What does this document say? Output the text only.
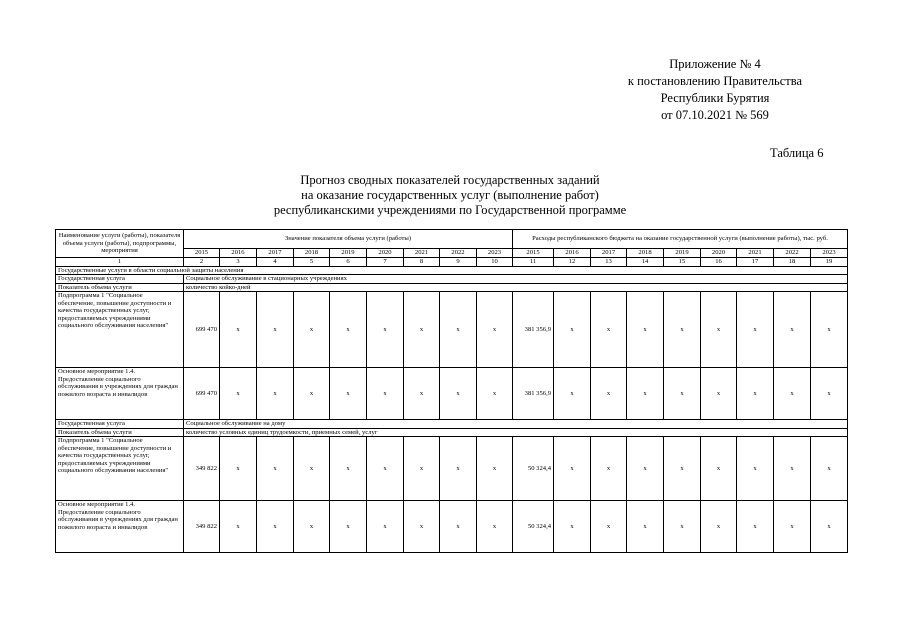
Приложение № 4
к постановлению Правительства
Республики Бурятия
от 07.10.2021 № 569
Таблица 6
Прогноз сводных показателей государственных заданий
на оказание государственных услуг (выполнение работ)
республиканскими учреждениями по Государственной программе
Наименование услуги (работы), показателя объема услуги (работы), подпрограммы, мероприятия	Значение показателя объема услуги (работы)									Расходы республиканского бюджета на оказание государственной услуги (выполнение работы), тыс. руб.								
	2015	2016	2017	2018	2019	2020	2021	2022	2023	2015	2016	2017	2018	2019	2020	2021	2022	2023
1	2	3	4	5	6	7	8	9	10	11	12	13	14	15	16	17	18	19
Государственные услуги в области социальной защиты населения																		
Государственная услуга	Социальное обслуживание в стационарных учреждениях																	
Показатель объема услуги	количество койко-дней																	
Подпрограмма 1 "Социальное обеспечение, повышение доступности и качества государственных услуг, предоставляемых учреждениями социального обслуживания населения"	699 470	х	х	х	х	х	х	х	х	381 356,9	х	х	х	х	х	х	х	х
Основное мероприятие 1.4. Предоставление социального обслуживания в учреждениях для граждан пожилого возраста и инвалидов	699 470	х	х	х	х	х	х	х	х	381 356,9	х	х	х	х	х	х	х	х
Государственная услуга	Социальное обслуживание на дому																	
Показатель объема услуги	количество условных единиц трудоемкости, приемных семей, услуг																	
Подпрограмма 1 "Социальное обеспечение, повышение доступности и качества государственных услуг, предоставляемых учреждениями социального обслуживания населения"	349 822	х	х	х	х	х	х	х	х	50 324,4	х	х	х	х	х	х	х	х
Основное мероприятие 1.4. Предоставление социального обслуживания в учреждениях для граждан пожилого возраста и инвалидов	349 822	х	х	х	х	х	х	х	х	50 324,4	х	х	х	х	х	х	х	х
